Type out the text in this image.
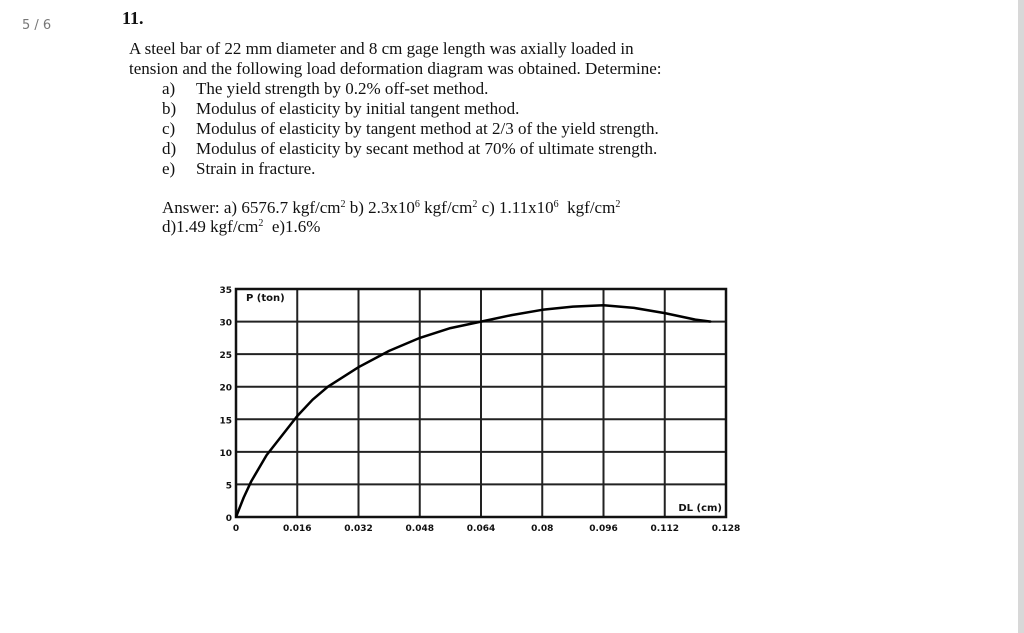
5 / 6	11.

A steel bar of 22 mm diameter and 8 cm gage length was axially loaded in

tension and the following load deformation diagram was obtained. Determine:

a) The yield strength by 0.2% off-set method.
b) Modulus of elasticity by initial tangent method.
c) Modulus of elasticity by tangent method at 2/3 of the yield strength.
d) Modulus of elasticity by secant method at 70% of ultimate strength.
e) Strain in fracture.

Answer: a) 6576.7 kgf/$cm^2$ b) $2.3x10^6$ kgf/$cm^2$ c) $1.11x10^6$ kgf/$cm^2$

d)1.49 kgf/$cm^2$ e)1.6%

0
5
10
15
20
25
30
35
0	0.016	0.032	0.048	0.064	0.08	0.096	0.112	0.128
P (ton)
DL (cm)
